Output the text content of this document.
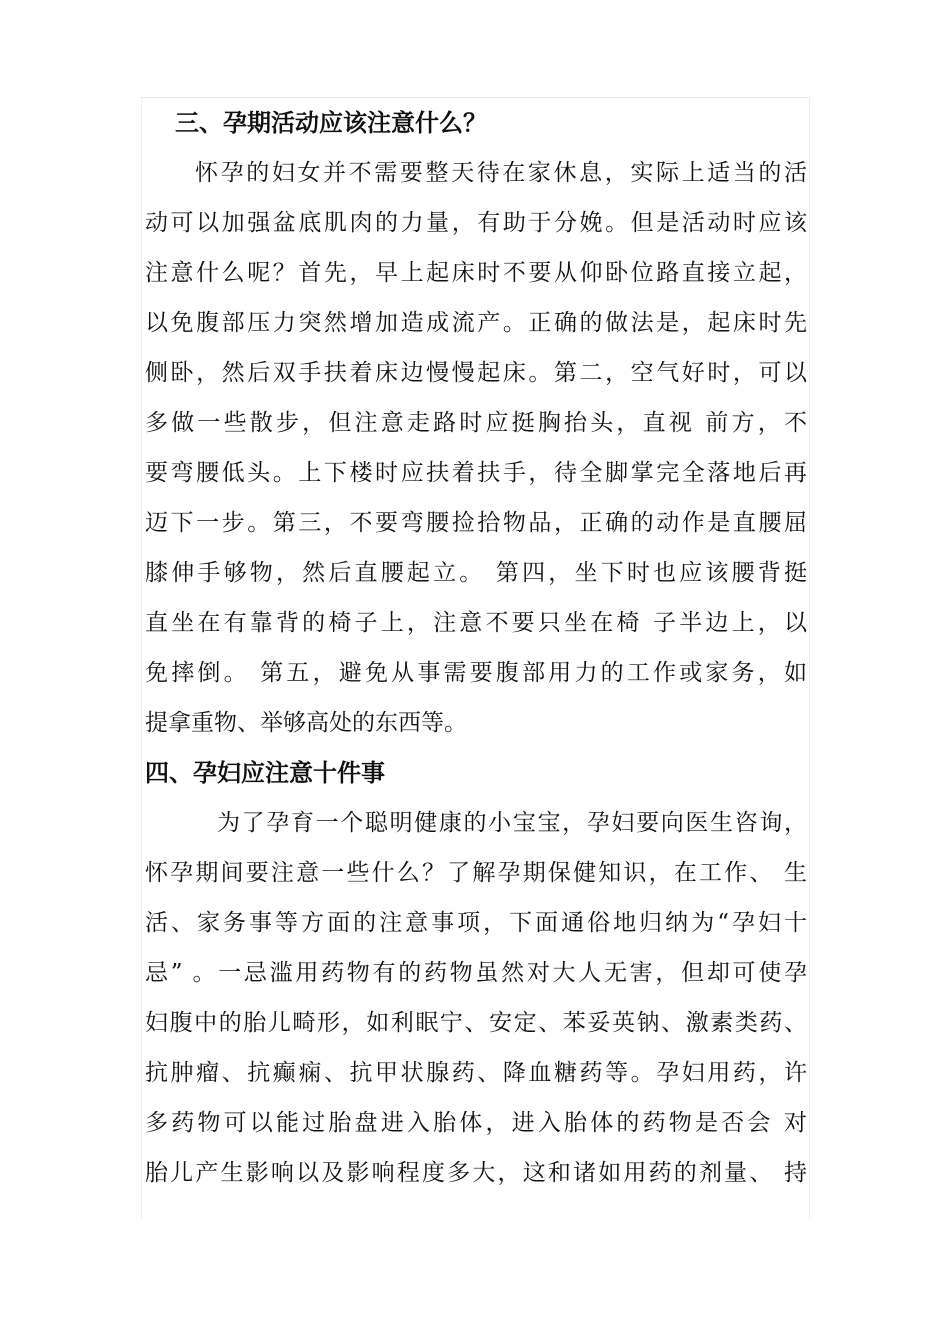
三、孕期活动应该注意什么？
怀孕的妇女并不需要整天待在家休息，实际上适当的活
动可以加强盆底肌肉的力量，有助于分娩。但是活动时应该
注意什么呢？首先，早上起床时不要从仰卧位路直接立起，
以免腹部压力突然增加造成流产。正确的做法是，起床时先
侧卧，然后双手扶着床边慢慢起床。第二，空气好时，可以
多做一些散步，但注意走路时应挺胸抬头，直视 前方，不
要弯腰低头。上下楼时应扶着扶手，待全脚掌完全落地后再
迈下一步。第三，不要弯腰捡拾物品，正确的动作是直腰屈
膝伸手够物，然后直腰起立。 第四，坐下时也应该腰背挺
直坐在有靠背的椅子上，注意不要只坐在椅 子半边上，以
免摔倒。 第五，避免从事需要腹部用力的工作或家务，如
提拿重物、举够高处的东西等。
四、孕妇应注意十件事
为了孕育一个聪明健康的小宝宝，孕妇要向医生咨询，
怀孕期间要注意一些什么？了解孕期保健知识，在工作、 生
活、家务事等方面的注意事项，下面通俗地归纳为“孕妇十
忌” 。一忌滥用药物有的药物虽然对大人无害，但却可使孕
妇腹中的胎儿畸形，如利眠宁、安定、苯妥英钠、激素类药、
抗肿瘤、抗癫痫、抗甲状腺药、降血糖药等。孕妇用药，许
多药物可以能过胎盘进入胎体，进入胎体的药物是否会 对
胎儿产生影响以及影响程度多大，这和诸如用药的剂量、 持
